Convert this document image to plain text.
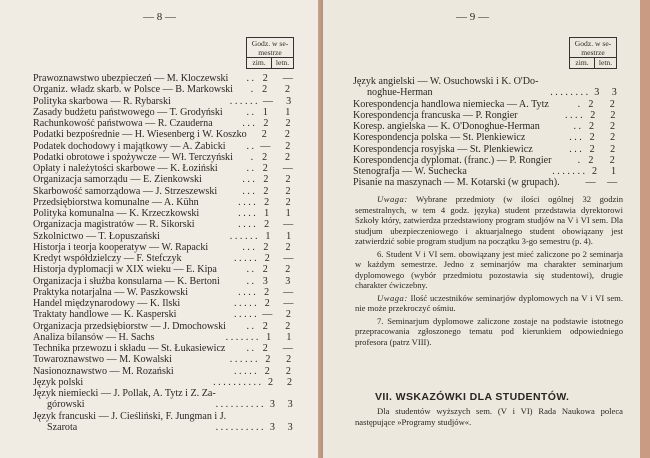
— 8 —
Godz. w se-
mestrze
zim.	letn.
Prawoznawstwo ubezpieczeń — M. Kloczewski	. . 2	—
Organiz. władz skarb. w Polsce — B. Markowski	. 2	2
Polityka skarbowa — R. Rybarski	. . . . . . —	3
Zasady budżetu państwowego — T. Grodyński	. . 1	1
Rachunkowość państwowa — R. Czauderna	. . . 2	2
Podatki bezpośrednie — H. Wiesenberg i W. Koszko	2	2
Podatek dochodowy i majątkowy — A. Żabicki	. . —	2
Podatki obrotowe i spożywcze — Wł. Terczyński	. 2	2
Opłaty i należytości skarbowe — K. Łoziński	. . 2	—
Organizacja samorządu — E. Zienkowski	. . . 2	2
Skarbowość samorządowa — J. Strzeszewski	. . . 2	2
Przedsiębiorstwa komunalne — A. Kühn	. . . . 2	2
Polityka komunalna — K. Krzeczkowski	. . . . 1	1
Organizacja magistratów — R. Sikorski	. . . . 2	—
Szkolnictwo — T. Łopuszański	. . . . . . 1	1
Historja i teorja kooperatyw — W. Rapacki	. . . 2	2
Kredyt współdzielczy — F. Stefczyk	. . . . . 2	—
Historja dyplomacji w XIX wieku — E. Kipa	. . 2	2
Organizacja i służba konsularna — K. Bertoni	. . 3	3
Praktyka notarjalna — W. Paszkowski	. . . . 2	—
Handel międzynarodowy — K. Ilski	. . . . . 2	—
Traktaty handlowe — K. Kasperski	. . . . . —	2
Organizacja przedsiębiorstw — J. Dmochowski	. . 2	2
Analiza bilansów — H. Sachs	. . . . . . . 1	1
Technika przewozu i składu — St. Łukasiewicz	. . 2	—
Towaroznawstwo — M. Kowalski	. . . . . . 2	2
Nasionoznawstwo — M. Rozański	. . . . . 2	2
Język polski	. . . . . . . . . . 2	2
Język niemiecki — J. Pollak, A. Tytz i Z. Za-
górowski	. . . . . . . . . . 3	3
Język francuski — J. Cieśliński, F. Jungman i J.
Szarota	. . . . . . . . . . 3	3
— 9 —
Godz. w se-
mestrze
zim.	letn.
Język angielski — W. Osuchowski i K. O'Do-
noghue-Herman	. . . . . . . . 3	3
Korespondencja handlowa niemiecka — A. Tytz	. 2	2
Korespondencja francuska — P. Rongier	. . . . 2	2
Koresp. angielska — K. O'Donoghue-Herman	. . 2	2
Korespondencja polska — St. Plenkiewicz	. . . 2	2
Korespondencja rosyjska — St. Plenkiewicz	. . . 2	2
Korespondencja dyplomat. (franc.) — P. Rongier	. 2	2
Stenografja — W. Suchecka	. . . . . . . 2	1
Pisanie na maszynach — M. Kotarski (w grupach).	—	—

Uwaga: Wybrane przedmioty (w ilości ogólnej 32 godzin semestralnych, w tem 4 godz. języka) student przedstawia dyrektorowi Szkoły który, zatwierdza przedstawiony program studjów na V i VI sem. Dla studjum ubezpieczeniowego i aktuarjalnego student obowiązany jest zatwierdzić sobie program studjum na początku 3-go semestru (p. 4).

6. Student V i VI sem. obowiązany jest mieć zaliczone po 2 seminarja w każdym semestrze. Jedno z seminarjów ma charakter seminarjum dyplomowego (wybór przedmiotu pozostawia się studentowi), drugie charakter ćwiczebny.

Uwaga: Ilość uczestników seminarjów dyplomowych na V i VI sem. nie może przekroczyć ośmiu.

7. Seminarjum dyplomowe zaliczone zostaje na podstawie istotnego przepracowania zgłoszonego tematu pod kierunkiem odpowiedniego profesora (patrz VIII).

VII. WSKAZÓWKI DLA STUDENTÓW.

Dla studentów wyższych sem. (V i VI) Rada Naukowa poleca następujące »Programy studjów«.
